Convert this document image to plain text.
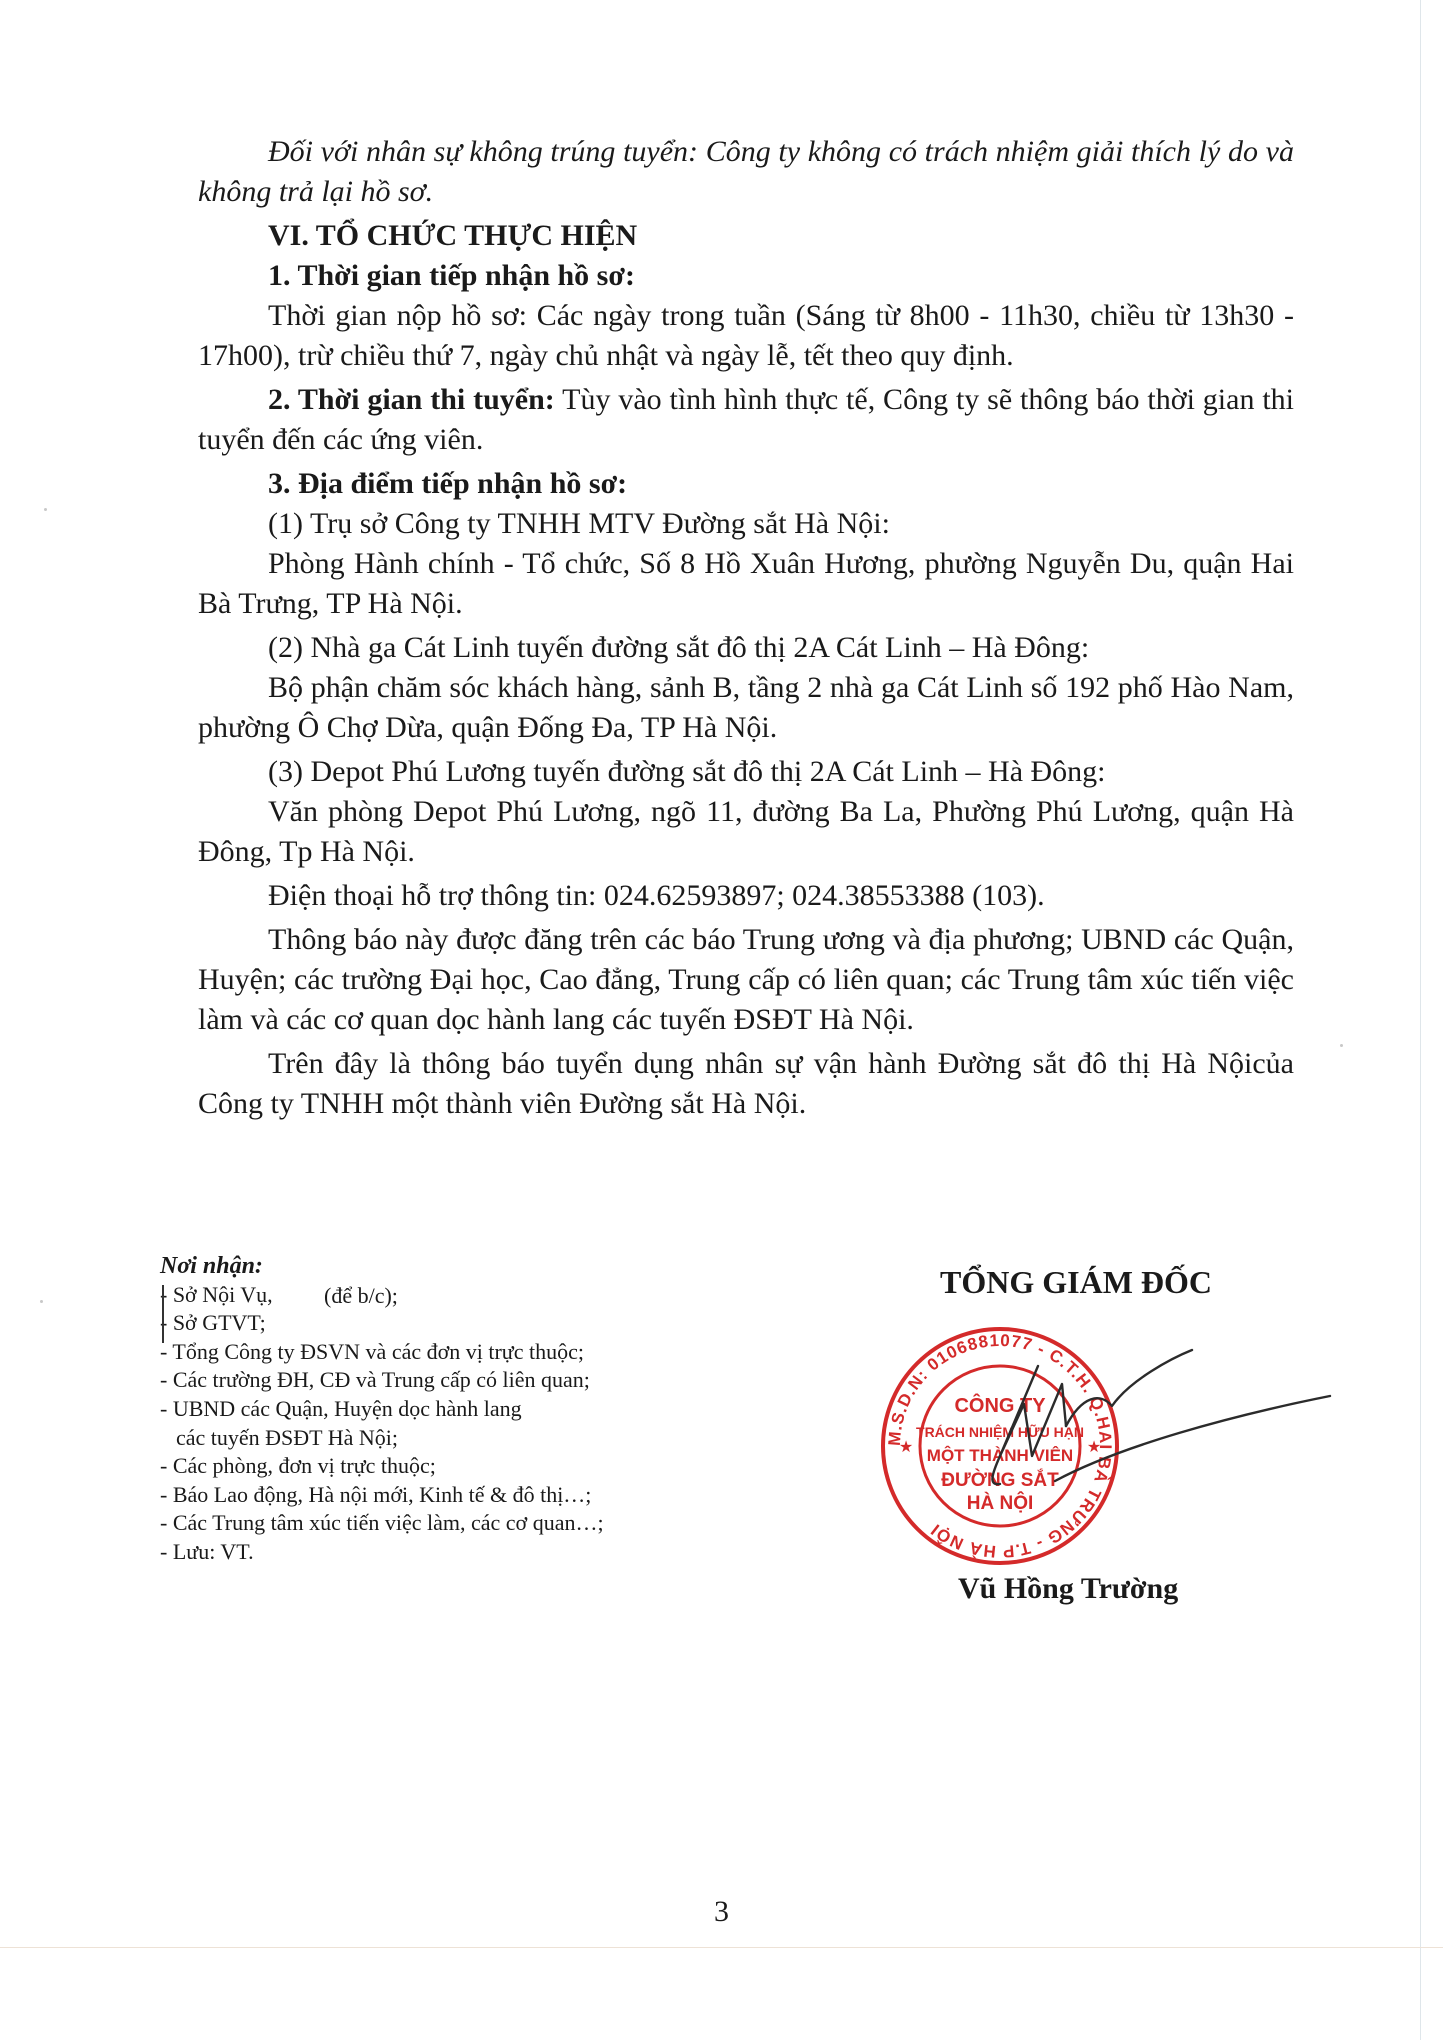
Đối với nhân sự không trúng tuyển: Công ty không có trách nhiệm giải thích lý do và không trả lại hồ sơ.

VI. TỔ CHỨC THỰC HIỆN

1. Thời gian tiếp nhận hồ sơ:

Thời gian nộp hồ sơ: Các ngày trong tuần (Sáng từ 8h00 - 11h30, chiều từ 13h30 - 17h00), trừ chiều thứ 7, ngày chủ nhật và ngày lễ, tết theo quy định.

2. Thời gian thi tuyển: Tùy vào tình hình thực tế, Công ty sẽ thông báo thời gian thi tuyển đến các ứng viên.

3. Địa điểm tiếp nhận hồ sơ:

(1) Trụ sở Công ty TNHH MTV Đường sắt Hà Nội:

Phòng Hành chính - Tổ chức, Số 8 Hồ Xuân Hương, phường Nguyễn Du, quận Hai Bà Trưng, TP Hà Nội.

(2) Nhà ga Cát Linh tuyến đường sắt đô thị 2A Cát Linh – Hà Đông:

Bộ phận chăm sóc khách hàng, sảnh B, tầng 2 nhà ga Cát Linh số 192 phố Hào Nam, phường Ô Chợ Dừa, quận Đống Đa, TP Hà Nội.

(3) Depot Phú Lương tuyến đường sắt đô thị 2A Cát Linh – Hà Đông:

Văn phòng Depot Phú Lương, ngõ 11, đường Ba La, Phường Phú Lương, quận Hà Đông, Tp Hà Nội.

Điện thoại hỗ trợ thông tin: 024.62593897; 024.38553388 (103).

Thông báo này được đăng trên các báo Trung ương và địa phương; UBND các Quận, Huyện; các trường Đại học, Cao đẳng, Trung cấp có liên quan; các Trung tâm xúc tiến việc làm và các cơ quan dọc hành lang các tuyến ĐSĐT Hà Nội.

Trên đây là thông báo tuyển dụng nhân sự vận hành Đường sắt đô thị Hà Nộicủa Công ty TNHH một thành viên Đường sắt Hà Nội.

Nơi nhận:
- Sở Nội Vụ,
- Sở GTVT;
- Tổng Công ty ĐSVN và các đơn vị trực thuộc;
- Các trường ĐH, CĐ và Trung cấp có liên quan;
- UBND các Quận, Huyện dọc hành lang
các tuyến ĐSĐT Hà Nội;
- Các phòng, đơn vị trực thuộc;
- Báo Lao động, Hà nội mới, Kinh tế & đô thị…;
- Các Trung tâm xúc tiến việc làm, các cơ quan…;
- Lưu: VT.
(để b/c);	TỔNG GIÁM ĐỐC
M.S.D.N: 0106881077 - C.T.H. Q.HAI BÀ TRƯNG - T.P HÀ NỘI
CÔNG TY
TRÁCH NHIỆM HỮU HẠN
MỘT THÀNH VIÊN
ĐƯỜNG SẮT
HÀ NỘI
★	★
Vũ Hồng Trường
3
